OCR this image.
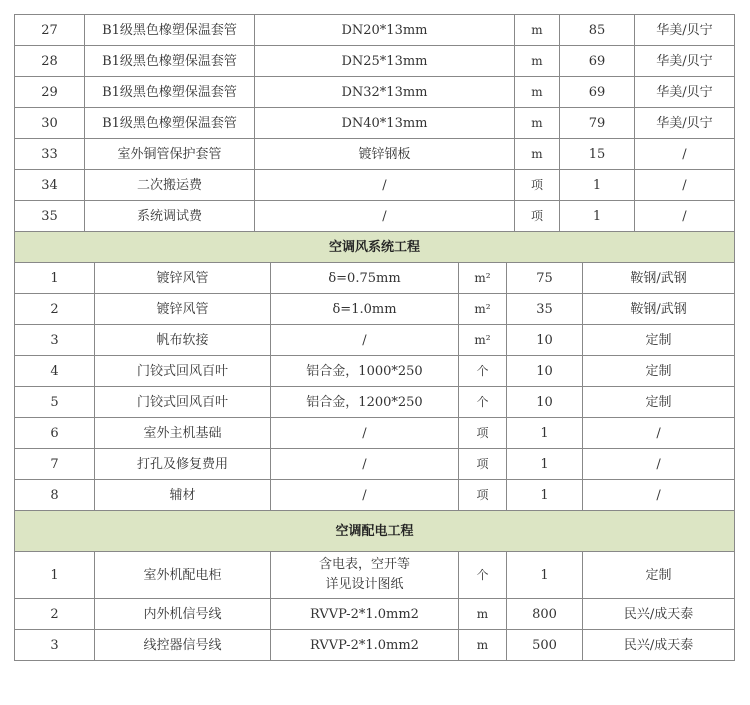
27	B1级黑色橡塑保温套管	DN20*13mm	m	85	华美/贝宁
28	B1级黑色橡塑保温套管	DN25*13mm	m	69	华美/贝宁
29	B1级黑色橡塑保温套管	DN32*13mm	m	69	华美/贝宁
30	B1级黑色橡塑保温套管	DN40*13mm	m	79	华美/贝宁
33	室外铜管保护套管	镀锌钢板	m	15	/
34	二次搬运费	/	项	1	/
35	系统调试费	/	项	1	/
空调风系统工程					
1	镀锌风管	δ=0.75mm	m²	75	鞍钢/武钢
2	镀锌风管	δ=1.0mm	m²	35	鞍钢/武钢
3	帆布软接	/	m²	10	定制
4	门铰式回风百叶	铝合金，1000*250	个	10	定制
5	门铰式回风百叶	铝合金，1200*250	个	10	定制
6	室外主机基础	/	项	1	/
7	打孔及修复费用	/	项	1	/
8	辅材	/	项	1	/
空调配电工程					
1	室外机配电柜	含电表，空开等
详见设计图纸	个	1	定制
2	内外机信号线	RVVP-2*1.0mm2	m	800	民兴/成天泰
3	线控器信号线	RVVP-2*1.0mm2	m	500	民兴/成天泰
